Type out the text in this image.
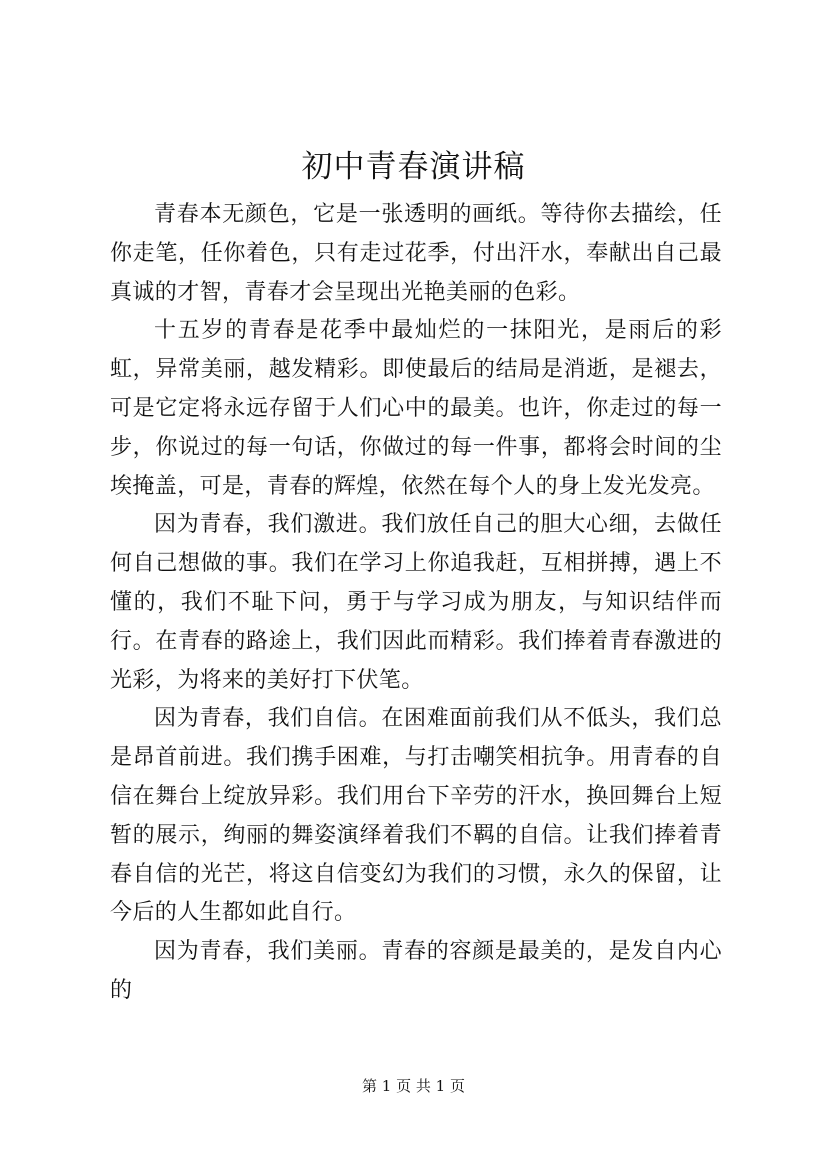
初中青春演讲稿

青春本无颜色，它是一张透明的画纸。等待你去描绘，任你走笔，任你着色，只有走过花季，付出汗水，奉献出自己最真诚的才智，青春才会呈现出光艳美丽的色彩。

十五岁的青春是花季中最灿烂的一抹阳光，是雨后的彩虹，异常美丽，越发精彩。即使最后的结局是消逝，是褪去，可是它定将永远存留于人们心中的最美。也许，你走过的每一步，你说过的每一句话，你做过的每一件事，都将会时间的尘埃掩盖，可是，青春的辉煌，依然在每个人的身上发光发亮。

因为青春，我们激进。我们放任自己的胆大心细，去做任何自己想做的事。我们在学习上你追我赶，互相拼搏，遇上不懂的，我们不耻下问，勇于与学习成为朋友，与知识结伴而行。在青春的路途上，我们因此而精彩。我们捧着青春激进的光彩，为将来的美好打下伏笔。

因为青春，我们自信。在困难面前我们从不低头，我们总是昂首前进。我们携手困难，与打击嘲笑相抗争。用青春的自信在舞台上绽放异彩。我们用台下辛劳的汗水，换回舞台上短暂的展示，绚丽的舞姿演绎着我们不羁的自信。让我们捧着青春自信的光芒，将这自信变幻为我们的习惯，永久的保留，让今后的人生都如此自行。

因为青春，我们美丽。青春的容颜是最美的，是发自内心的

第 1 页 共 1 页
